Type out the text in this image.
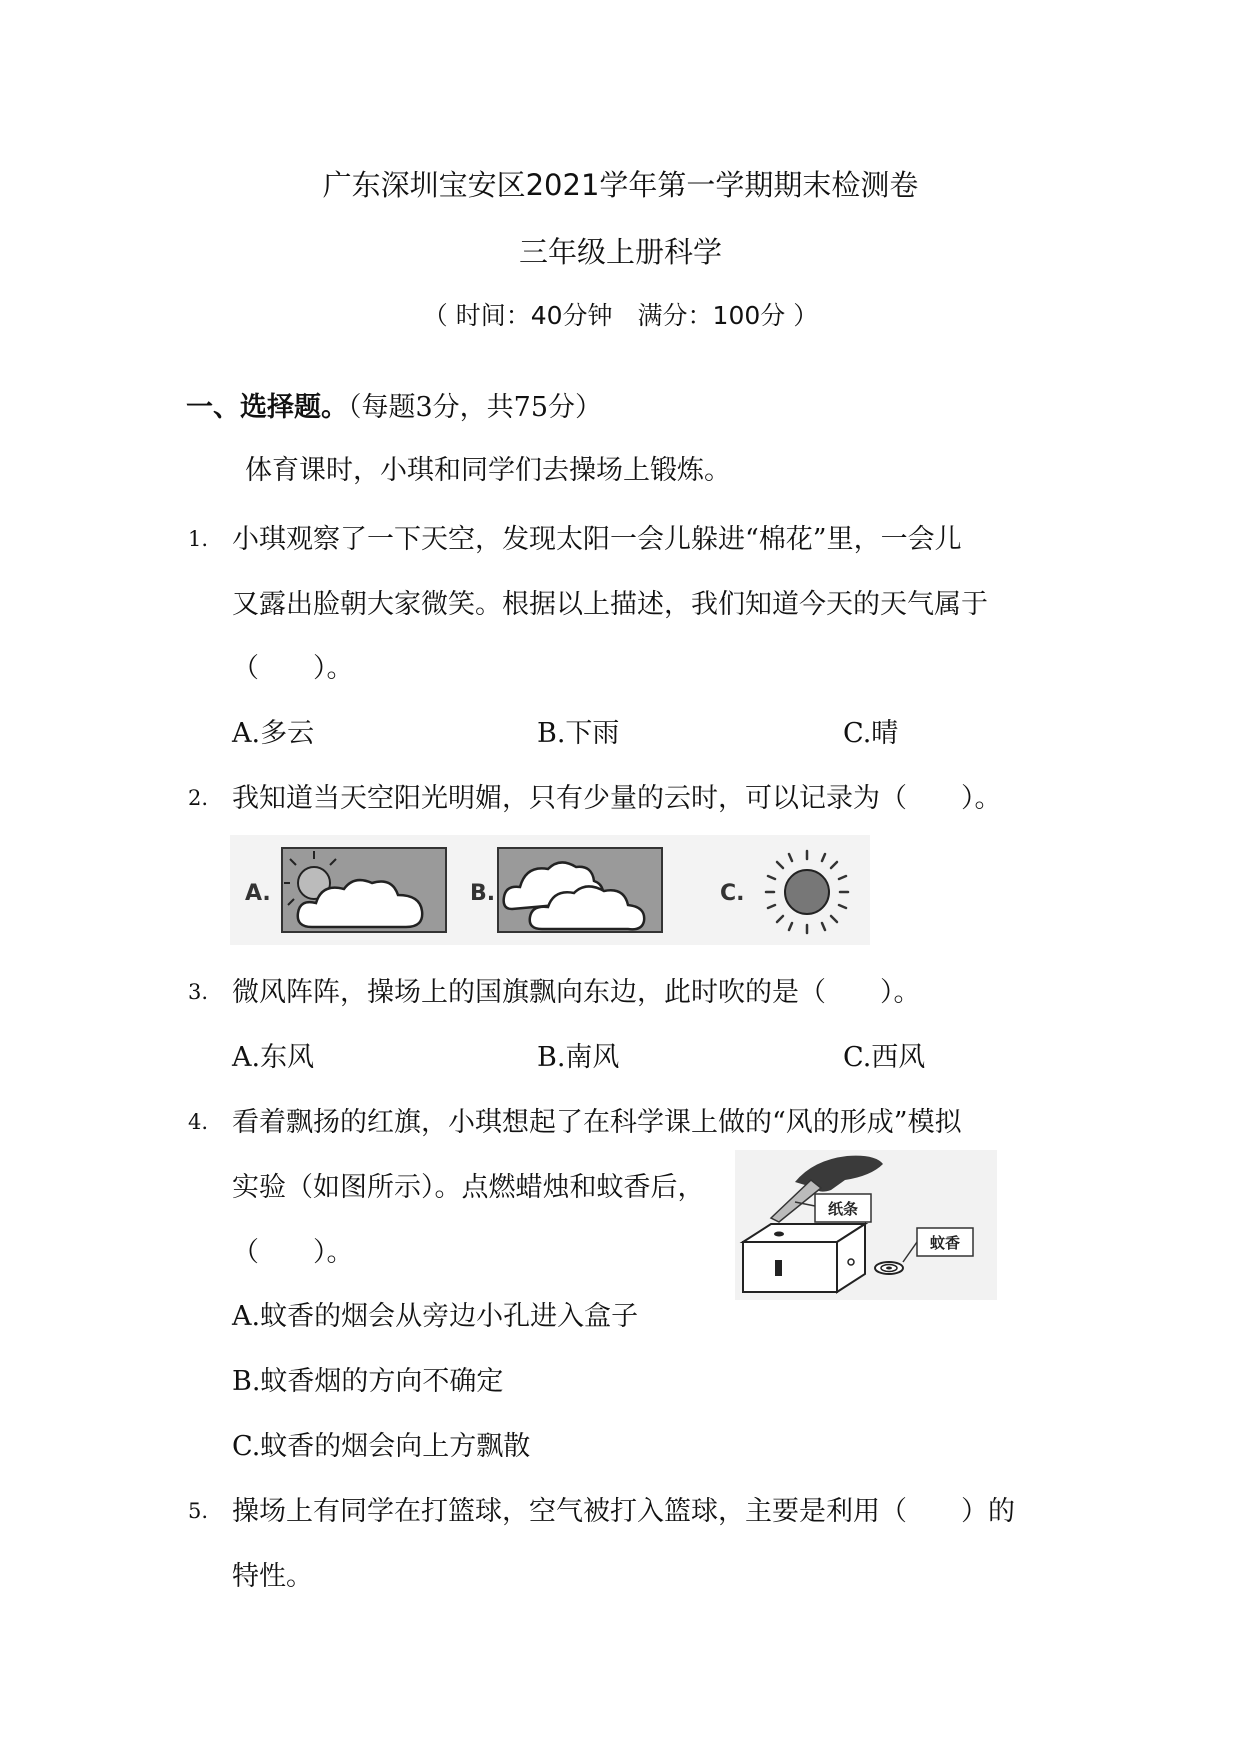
广东深圳宝安区2021学年第一学期期末检测卷
三年级上册科学
（ 时间：40分钟　满分：100分 ）
一、选择题。（每题3分，共75分）
体育课时，小琪和同学们去操场上锻炼。
1. 小琪观察了一下天空，发现太阳一会儿躲进“棉花”里，一会儿
又露出脸朝大家微笑。根据以上描述，我们知道今天的天气属于
（　　）。
A.多云	B.下雨	C.晴
2. 我知道当天空阳光明媚，只有少量的云时，可以记录为（　　）。
A.	B.	C.
3. 微风阵阵，操场上的国旗飘向东边，此时吹的是（　　）。
A.东风	B.南风	C.西风
4. 看着飘扬的红旗，小琪想起了在科学课上做的“风的形成”模拟
实验（如图所示）。点燃蜡烛和蚊香后，
（　　）。
纸条
蚊香
A.蚊香的烟会从旁边小孔进入盒子
B.蚊香烟的方向不确定
C.蚊香的烟会向上方飘散
5. 操场上有同学在打篮球，空气被打入篮球，主要是利用（　　）的
特性。
